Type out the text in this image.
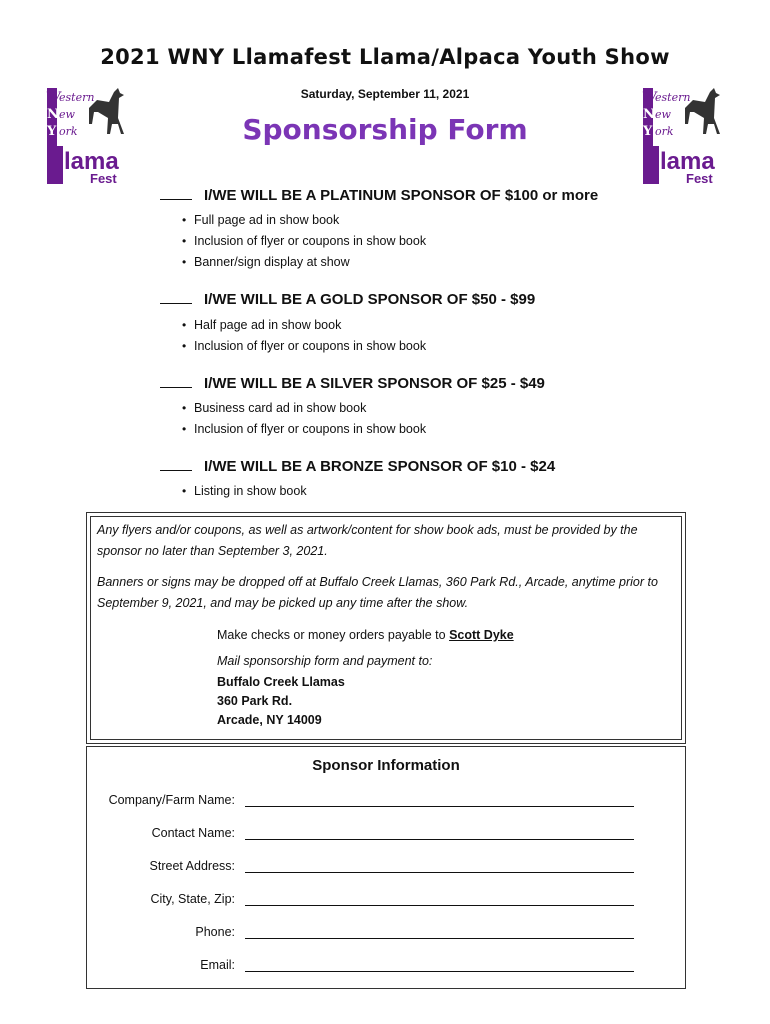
2021 WNY Llamafest Llama/Alpaca Youth Show
Saturday, September 11, 2021
Sponsorship Form
W
estern
N ew
Y ork
lama
Fest
W
estern
N ew
Y ork
lama
Fest
I/WE WILL BE A PLATINUM SPONSOR OF $100 or more
• Full page ad in show book
• Inclusion of flyer or coupons in show book
• Banner/sign display at show
I/WE WILL BE A GOLD SPONSOR OF $50 - $99
• Half page ad in show book
• Inclusion of flyer or coupons in show book
I/WE WILL BE A SILVER SPONSOR OF $25 - $49
• Business card ad in show book
• Inclusion of flyer or coupons in show book
I/WE WILL BE A BRONZE SPONSOR OF $10 - $24
• Listing in show book
Any flyers and/or coupons, as well as artwork/content for show book ads, must be provided by the
sponsor no later than September 3, 2021.
Banners or signs may be dropped off at Buffalo Creek Llamas, 360 Park Rd., Arcade, anytime prior to
September 9, 2021, and may be picked up any time after the show.
Make checks or money orders payable to Scott Dyke
Mail sponsorship form and payment to:
Buffalo Creek Llamas
360 Park Rd.
Arcade, NY 14009
Sponsor Information
Company/Farm Name:
Contact Name:
Street Address:
City, State, Zip:
Phone:
Email:
